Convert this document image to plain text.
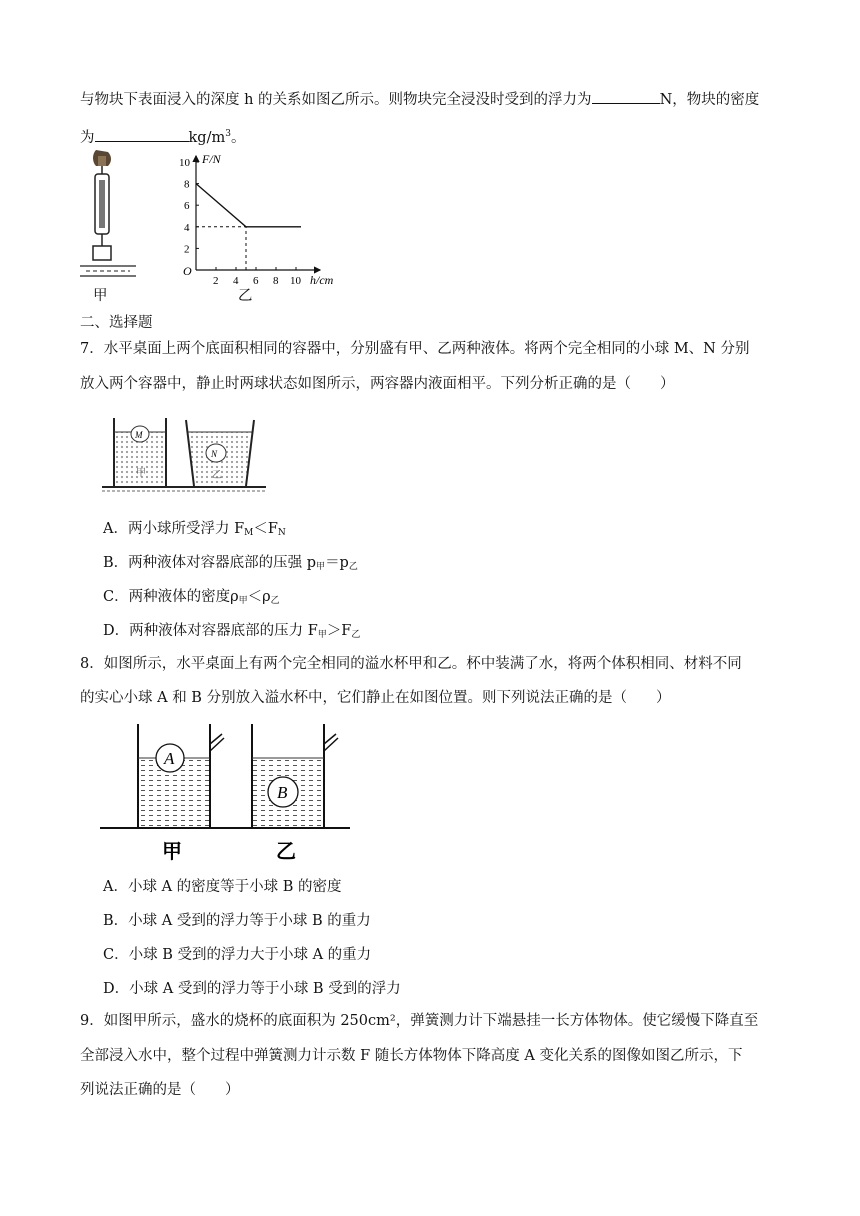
与物块下表面浸入的深度 h 的关系如图乙所示。则物块完全浸没时受到的浮力为	N，物块的密度
为	$kg/m^3$。
甲
F/N
h/cm
O
2 4 6 8 10
2
4
6
8
10
乙
二、选择题
7．水平桌面上两个底面积相同的容器中，分别盛有甲、乙两种液体。将两个完全相同的小球 M、N 分别
放入两个容器中，静止时两球状态如图所示，两容器内液面相平。下列分析正确的是（　　）
M
甲
N
乙
A．两小球所受浮力 $F_M<F_N$
B．两种液体对容器底部的压强 $p_甲=p_乙$
C．两种液体的密度$\rho_甲<\rho_乙$
D．两种液体对容器底部的压力 $F_甲>F_乙$
8．如图所示，水平桌面上有两个完全相同的溢水杯甲和乙。杯中装满了水，将两个体积相同、材料不同
的实心小球 A 和 B 分别放入溢水杯中，它们静止在如图位置。则下列说法正确的是（　　）
A
B
甲	乙
A．小球 A 的密度等于小球 B 的密度
B．小球 A 受到的浮力等于小球 B 的重力
C．小球 B 受到的浮力大于小球 A 的重力
D．小球 A 受到的浮力等于小球 B 受到的浮力
9．如图甲所示，盛水的烧杯的底面积为 250cm²，弹簧测力计下端悬挂一长方体物体。使它缓慢下降直至
全部浸入水中，整个过程中弹簧测力计示数 F 随长方体物体下降高度 A 变化关系的图像如图乙所示，下
列说法正确的是（　　）
